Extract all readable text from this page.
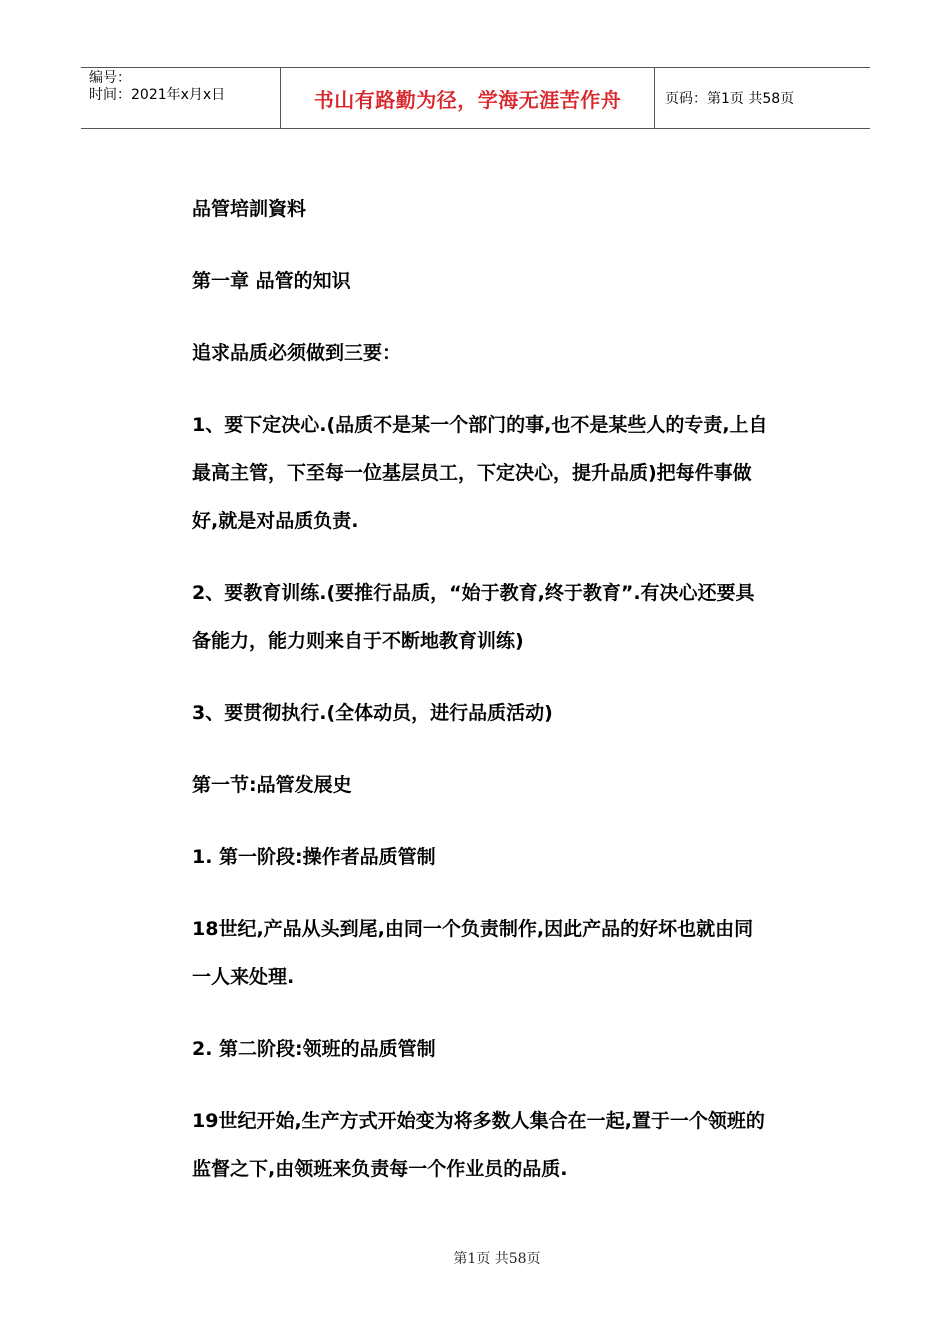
编号：
时间：2021年x月x日	书山有路勤为径，学海无涯苦作舟	页码：第1页 共58页
品管培訓資料
第一章 品管的知识
追求品质必须做到三要：
1、要下定决心.(品质不是某一个部门的事,也不是某些人的专责,上自最高主管，下至每一位基层员工，下定决心，提升品质)把每件事做好,就是对品质负责.
2、要教育训练.(要推行品质，“始于教育,终于教育”.有决心还要具备能力，能力则来自于不断地教育训练)
3、要贯彻执行.(全体动员，进行品质活动)
第一节:品管发展史
1. 第一阶段:操作者品质管制
18世纪,产品从头到尾,由同一个负责制作,因此产品的好坏也就由同一人来处理.
2. 第二阶段:领班的品质管制
19世纪开始,生产方式开始变为将多数人集合在一起,置于一个领班的监督之下,由领班来负责每一个作业员的品质.
第1页 共58页
